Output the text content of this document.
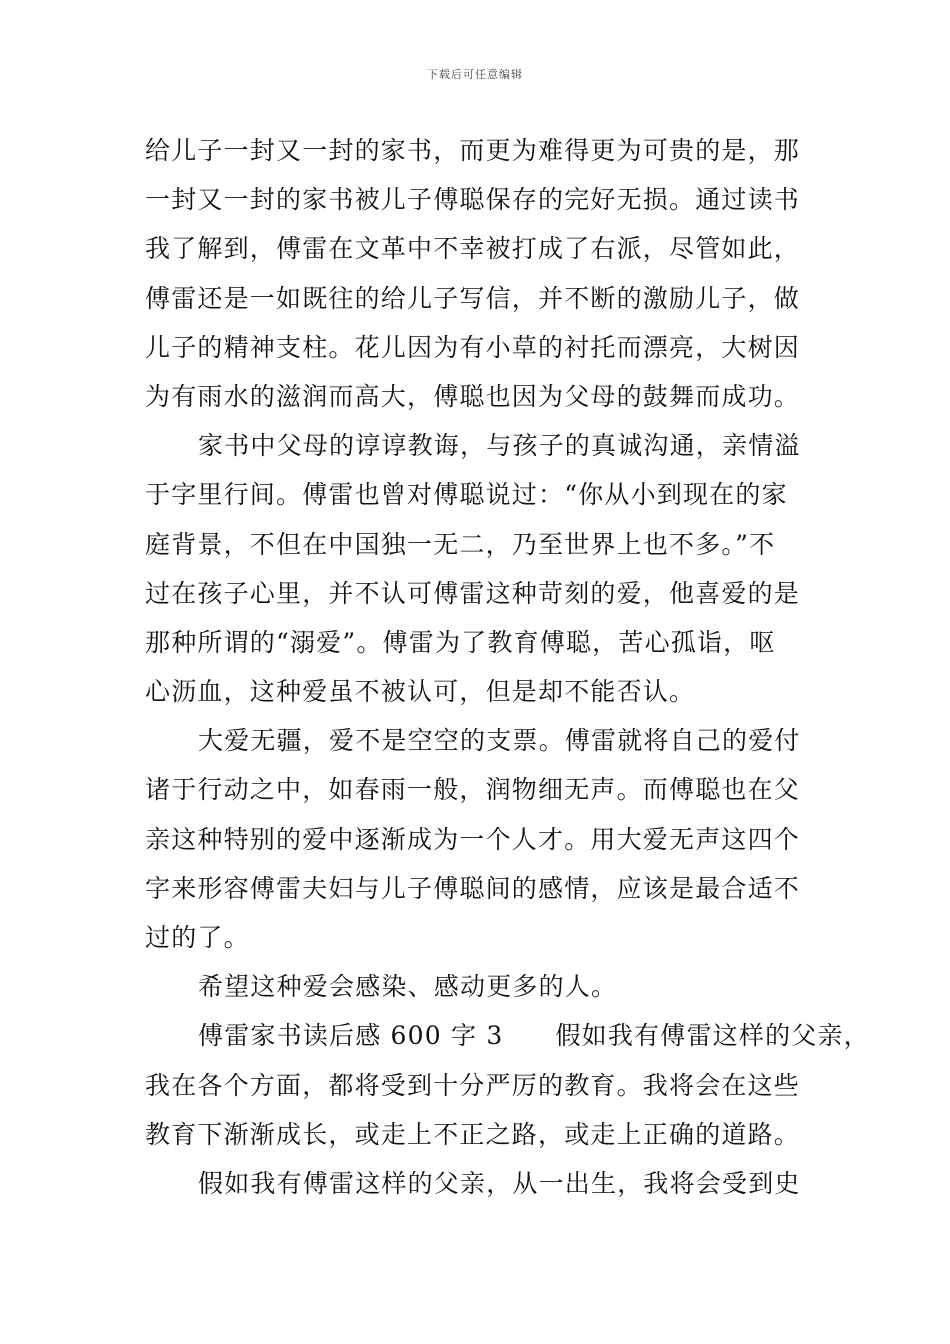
下载后可任意编辑
给儿子一封又一封的家书，而更为难得更为可贵的是，那
一封又一封的家书被儿子傅聪保存的完好无损。通过读书
我了解到，傅雷在文革中不幸被打成了右派，尽管如此，
傅雷还是一如既往的给儿子写信，并不断的激励儿子，做
儿子的精神支柱。花儿因为有小草的衬托而漂亮，大树因
为有雨水的滋润而高大，傅聪也因为父母的鼓舞而成功。
家书中父母的谆谆教诲，与孩子的真诚沟通，亲情溢
于字里行间。傅雷也曾对傅聪说过：“你从小到现在的家
庭背景，不但在中国独一无二，乃至世界上也不多。”不
过在孩子心里，并不认可傅雷这种苛刻的爱，他喜爱的是
那种所谓的“溺爱”。傅雷为了教育傅聪，苦心孤诣，呕
心沥血，这种爱虽不被认可，但是却不能否认。
大爱无疆，爱不是空空的支票。傅雷就将自己的爱付
诸于行动之中，如春雨一般，润物细无声。而傅聪也在父
亲这种特别的爱中逐渐成为一个人才。用大爱无声这四个
字来形容傅雷夫妇与儿子傅聪间的感情，应该是最合适不
过的了。
希望这种爱会感染、感动更多的人。
傅雷家书读后感 600 字 3 假如我有傅雷这样的父亲，
我在各个方面，都将受到十分严厉的教育。我将会在这些
教育下渐渐成长，或走上不正之路，或走上正确的道路。
假如我有傅雷这样的父亲，从一出生，我将会受到史
